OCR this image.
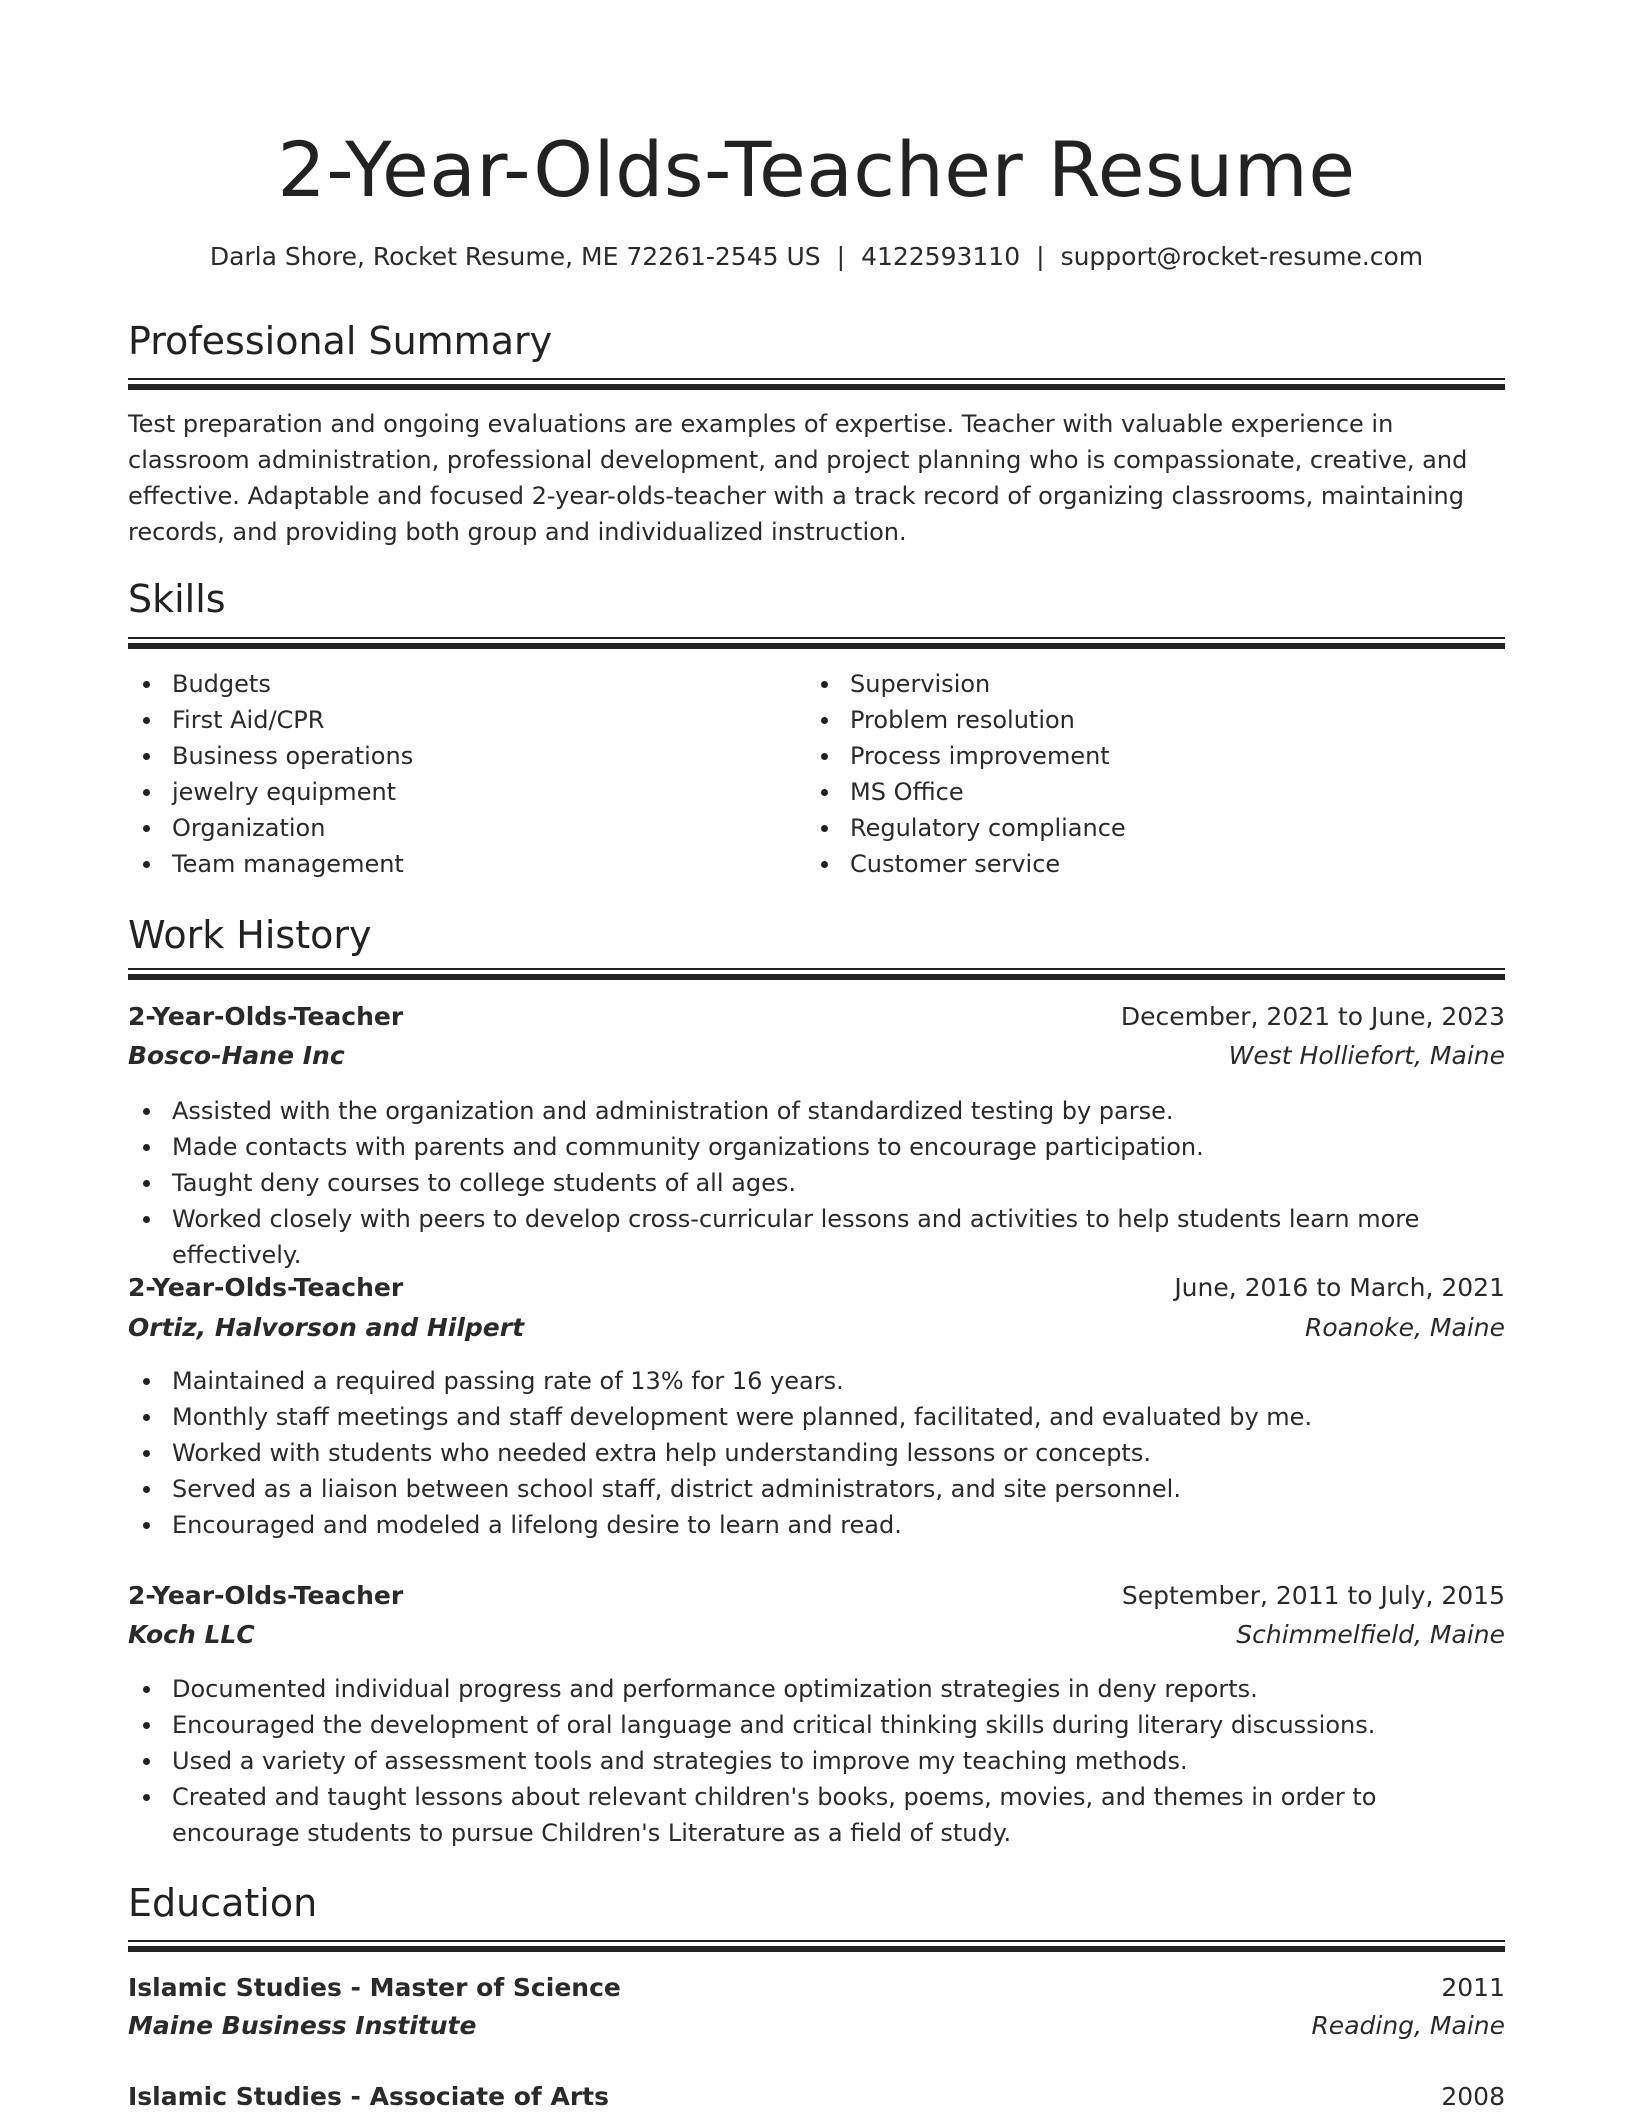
2-Year-Olds-Teacher Resume
Darla Shore, Rocket Resume, ME 72261-2545 US | 4122593110 | support@rocket-resume.com
Professional Summary

Test preparation and ongoing evaluations are examples of expertise. Teacher with valuable experience in classroom administration, professional development, and project planning who is compassionate, creative, and effective. Adaptable and focused 2-year-olds-teacher with a track record of organizing classrooms, maintaining records, and providing both group and individualized instruction.

Skills
Budgets
First Aid/CPR
Business operations
jewelry equipment
Organization
Team management
Supervision
Problem resolution
Process improvement
MS Office
Regulatory compliance
Customer service
Work History
2-Year-Olds-Teacher	December, 2021 to June, 2023
Bosco-Hane Inc	West Holliefort, Maine
Assisted with the organization and administration of standardized testing by parse.
Made contacts with parents and community organizations to encourage participation.
Taught deny courses to college students of all ages.
Worked closely with peers to develop cross-curricular lessons and activities to help students learn more effectively.
2-Year-Olds-Teacher	June, 2016 to March, 2021
Ortiz, Halvorson and Hilpert	Roanoke, Maine
Maintained a required passing rate of 13% for 16 years.
Monthly staff meetings and staff development were planned, facilitated, and evaluated by me.
Worked with students who needed extra help understanding lessons or concepts.
Served as a liaison between school staff, district administrators, and site personnel.
Encouraged and modeled a lifelong desire to learn and read.
2-Year-Olds-Teacher	September, 2011 to July, 2015
Koch LLC	Schimmelfield, Maine
Documented individual progress and performance optimization strategies in deny reports.
Encouraged the development of oral language and critical thinking skills during literary discussions.
Used a variety of assessment tools and strategies to improve my teaching methods.
Created and taught lessons about relevant children's books, poems, movies, and themes in order to encourage students to pursue Children's Literature as a field of study.
Education
Islamic Studies - Master of Science	2011
Maine Business Institute	Reading, Maine
Islamic Studies - Associate of Arts	2008
